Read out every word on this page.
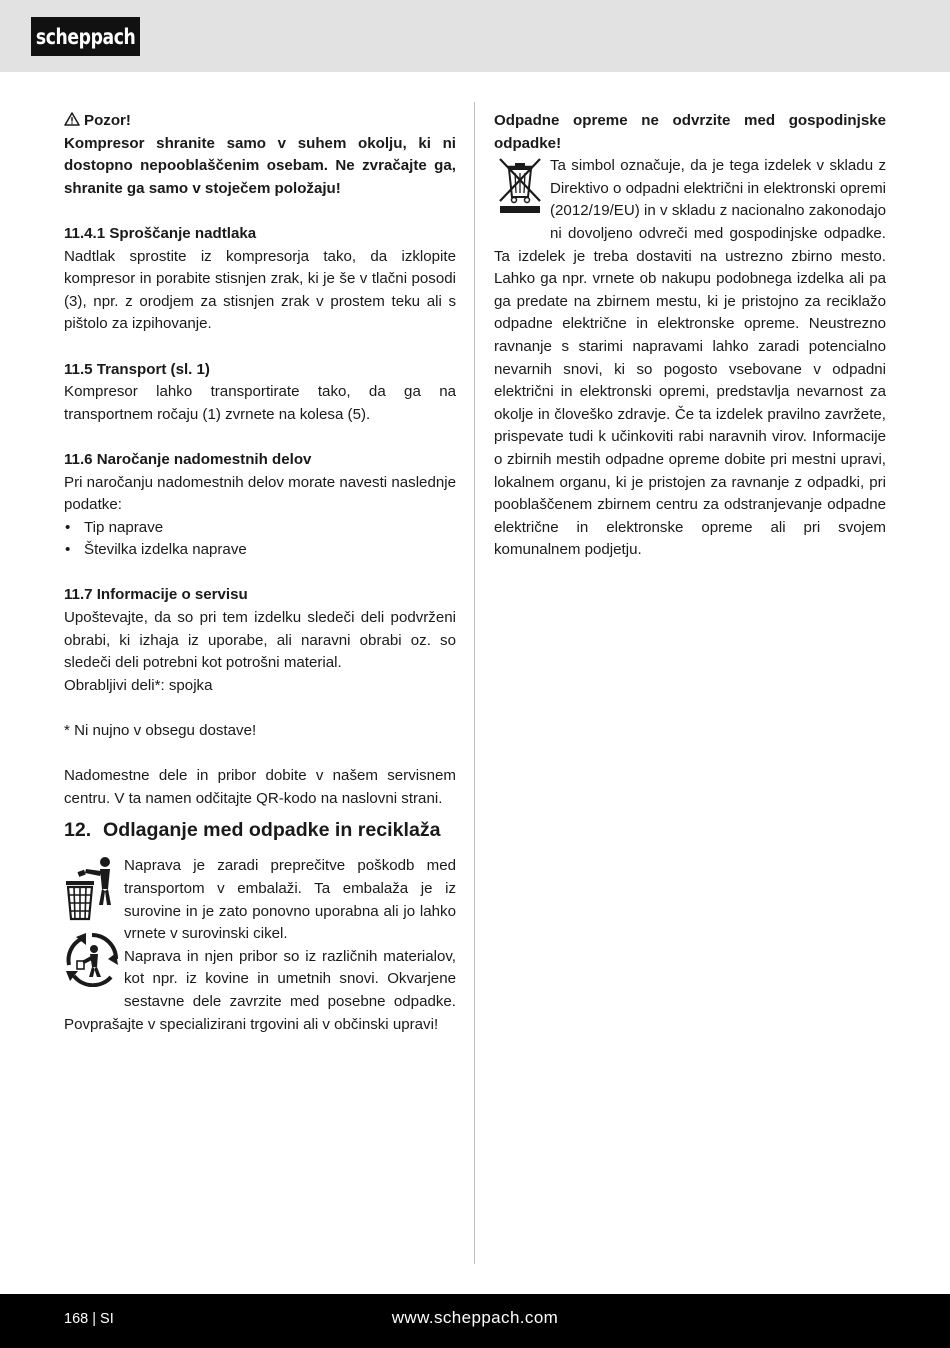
scheppach
Pozor!
Kompresor shranite samo v suhem okolju, ki ni dostopno nepooblaščenim osebam. Ne zvračajte ga, shranite ga samo v stoječem položaju!
11.4.1 Sproščanje nadtlaka
Nadtlak sprostite iz kompresorja tako, da izklopite kompresor in porabite stisnjen zrak, ki je še v tlačni posodi (3), npr. z orodjem za stisnjen zrak v prostem teku ali s pištolo za izpihovanje.
11.5 Transport (sl. 1)
Kompresor lahko transportirate tako, da ga na transportnem ročaju (1) zvrnete na kolesa (5).
11.6 Naročanje nadomestnih delov
Pri naročanju nadomestnih delov morate navesti naslednje podatke:
• Tip naprave
• Številka izdelka naprave
11.7 Informacije o servisu
Upoštevajte, da so pri tem izdelku sledeči deli podvrženi obrabi, ki izhaja iz uporabe, ali naravni obrabi oz. so sledeči deli potrebni kot potrošni material.
Obrabljivi deli*: spojka
* Ni nujno v obsegu dostave!
Nadomestne dele in pribor dobite v našem servisnem centru. V ta namen odčitajte QR-kodo na naslovni strani.
12. Odlaganje med odpadke in reciklaža

Naprava je zaradi preprečitve poškodb med transportom v embalaži. Ta embalaža je iz surovine in je zato ponovno uporabna ali jo lahko vrnete v surovinski cikel.
Naprava in njen pribor so iz različnih materialov, kot npr. iz kovine in umetnih snovi. Okvarjene sestavne dele zavrzite med posebne odpadke. Povprašajte v specializirani trgovini ali v občinski upravi!
Odpadne opreme ne odvrzite med gospodinjske odpadke!
Ta simbol označuje, da je tega izdelek v skladu z Direktivo o odpadni električni in elektronski opremi (2012/19/EU) in v skladu z nacionalno zakonodajo ni dovoljeno odvreči med gospodinjske odpadke. Ta izdelek je treba dostaviti na ustrezno zbirno mesto. Lahko ga npr. vrnete ob nakupu podobnega izdelka ali pa ga predate na zbirnem mestu, ki je pristojno za reciklažo odpadne električne in elektronske opreme. Neustrezno ravnanje s starimi napravami lahko zaradi potencialno nevarnih snovi, ki so pogosto vsebovane v odpadni električni in elektronski opremi, predstavlja nevarnost za okolje in človeško zdravje. Če ta izdelek pravilno zavržete, prispevate tudi k učinkoviti rabi naravnih virov. Informacije o zbirnih mestih odpadne opreme dobite pri mestni upravi, lokalnem organu, ki je pristojen za ravnanje z odpadki, pri pooblaščenem zbirnem centru za odstranjevanje odpadne električne in elektronske opreme ali pri svojem komunalnem podjetju.
168 | SI	www.scheppach.com
